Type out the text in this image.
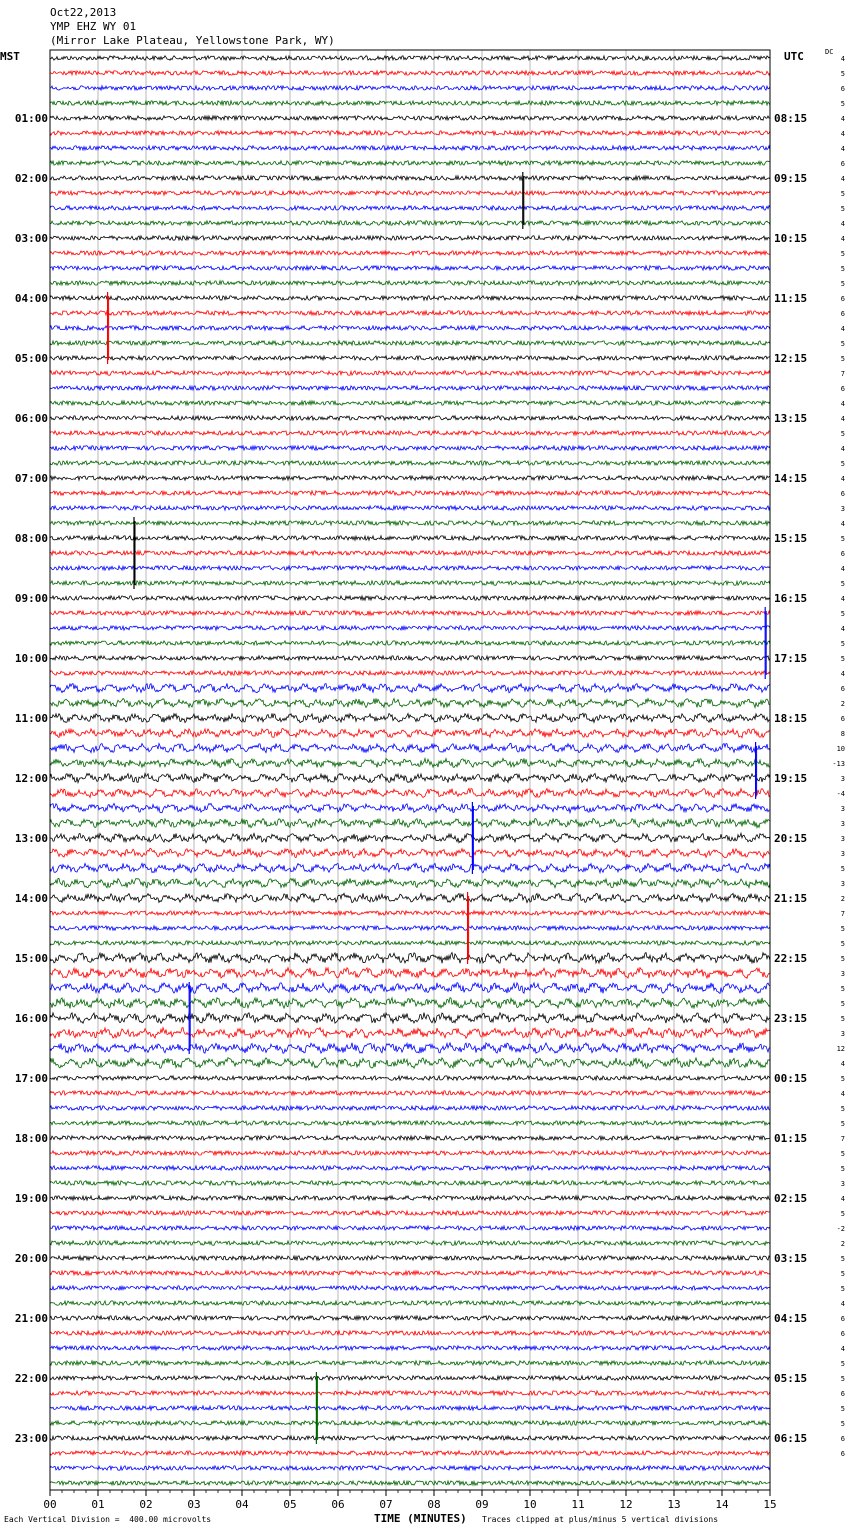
00	01	02	03	04	05	06	07	08	09	10	11	12	13	14	15
01:00
02:00
03:00
04:00
05:00
06:00
07:00
08:00
09:00
10:00
11:00
12:00
13:00
14:00
15:00
16:00
17:00
18:00
19:00
20:00
21:00
22:00
23:00
08:15
09:15
10:15
11:15
12:15
13:15
14:15
15:15
16:15
17:15
18:15
19:15
20:15
21:15
22:15
23:15
00:15
01:15
02:15
03:15
04:15
05:15
06:15
4
5
6
5
4
4
4
6
4
5
5
4
4
5
5
5
6
6
4
5
5
7
6
4
4
5
4
5
4
6
3
4
5
6
4
5
4
5
4
5
5
4
6
2
6
8
10
-13
3
-4
3
3
3
3
5
3
2
7
5
5
5
3
5
5
5
3
12
4
5
4
5
5
7
5
5
3
4
5
-2
2
5
5
5
4
6
6
4
5
5
6
5
5
6
6
Oct22,2013
YMP EHZ WY 01
(Mirror Lake Plateau, Yellowstone Park, WY)
MST	UTC	DC
Each Vertical Division =  400.00 microvolts	TIME (MINUTES) Traces clipped at plus/minus 5 vertical divisions
